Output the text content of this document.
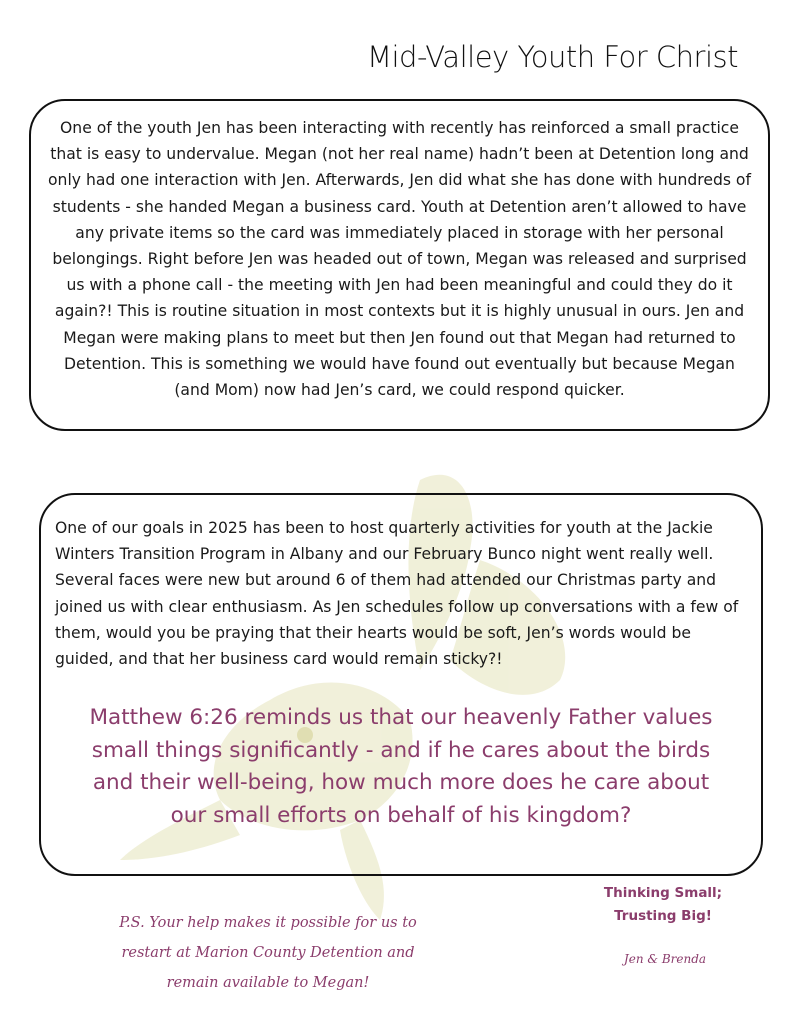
Mid-Valley Youth For Christ

One of the youth Jen has been interacting with recently has reinforced a small practice that is easy to undervalue. Megan (not her real name) hadn’t been at Detention long and only had one interaction with Jen. Afterwards, Jen did what she has done with hundreds of students - she handed Megan a business card. Youth at Detention aren’t allowed to have any private items so the card was immediately placed in storage with her personal belongings. Right before Jen was headed out of town, Megan was released and surprised us with a phone call - the meeting with Jen had been meaningful and could they do it again?! This is routine situation in most contexts but it is highly unusual in ours. Jen and Megan were making plans to meet but then Jen found out that Megan had returned to Detention. This is something we would have found out eventually but because Megan (and Mom) now had Jen’s card, we could respond quicker.

One of our goals in 2025 has been to host quarterly activities for youth at the Jackie Winters Transition Program in Albany and our February Bunco night went really well. Several faces were new but around 6 of them had attended our Christmas party and joined us with clear enthusiasm. As Jen schedules follow up conversations with a few of them, would you be praying that their hearts would be soft, Jen’s words would be guided, and that her business card would remain sticky?!

Matthew 6:26 reminds us that our heavenly Father values small things significantly - and if he cares about the birds and their well-being, how much more does he care about our small efforts on behalf of his kingdom?

P.S. Your help makes it possible for us to restart at Marion County Detention and remain available to Megan!
Thinking Small;
Trusting Big!
Jen & Brenda
